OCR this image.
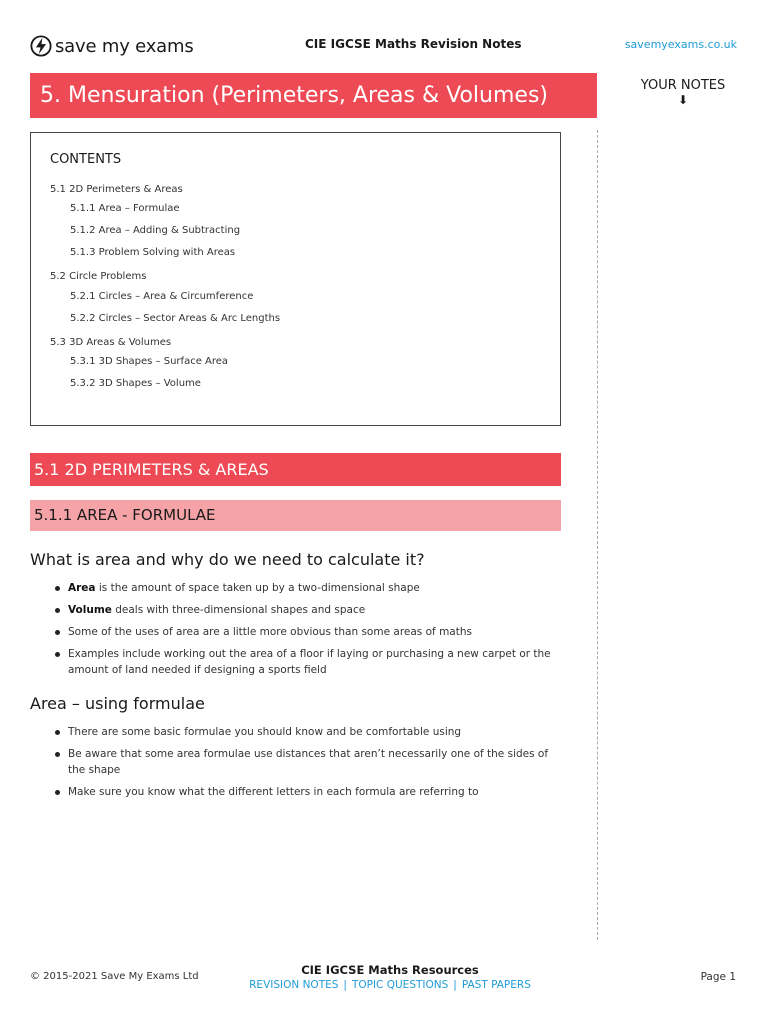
save my exams	CIE IGCSE Maths Revision Notes	savemyexams.co.uk
5. Mensuration (Perimeters, Areas & Volumes)	YOUR NOTES
⬇
CONTENTS
5.1 2D Perimeters & Areas
5.1.1 Area – Formulae
5.1.2 Area – Adding & Subtracting
5.1.3 Problem Solving with Areas
5.2 Circle Problems
5.2.1 Circles – Area & Circumference
5.2.2 Circles – Sector Areas & Arc Lengths
5.3 3D Areas & Volumes
5.3.1 3D Shapes – Surface Area
5.3.2 3D Shapes – Volume
5.1 2D PERIMETERS & AREAS
5.1.1 AREA - FORMULAE
What is area and why do we need to calculate it?
Area is the amount of space taken up by a two-dimensional shape
Volume deals with three-dimensional shapes and space
Some of the uses of area are a little more obvious than some areas of maths
Examples include working out the area of a floor if laying or purchasing a new carpet or the amount of land needed if designing a sports field
Area – using formulae
There are some basic formulae you should know and be comfortable using
Be aware that some area formulae use distances that aren’t necessarily one of the sides of the shape
Make sure you know what the different letters in each formula are referring to
© 2015-2021 Save My Exams Ltd	CIE IGCSE Maths Resources
REVISION NOTES | TOPIC QUESTIONS | PAST PAPERS
Page 1
